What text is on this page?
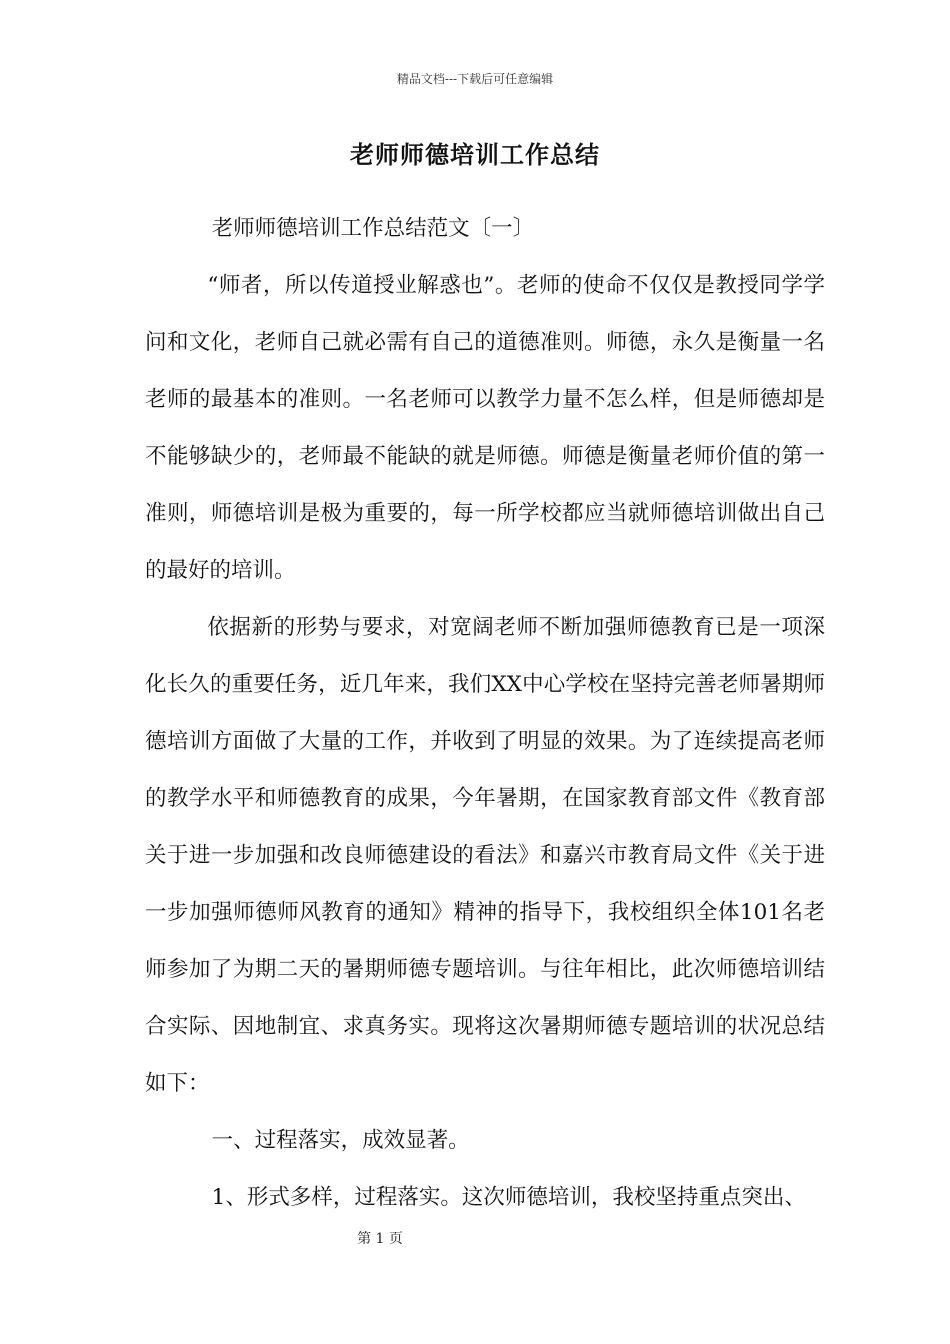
精品文档---下载后可任意编辑
老师师德培训工作总结

老师师德培训工作总结范文〔一〕

“师者，所以传道授业解惑也”。老师的使命不仅仅是教授同学学问和文化，老师自己就必需有自己的道德准则。师德，永久是衡量一名老师的最基本的准则。一名老师可以教学力量不怎么样，但是师德却是不能够缺少的，老师最不能缺的就是师德。师德是衡量老师价值的第一准则，师德培训是极为重要的，每一所学校都应当就师德培训做出自己的最好的培训。

依据新的形势与要求，对宽阔老师不断加强师德教育已是一项深化长久的重要任务，近几年来，我们XX中心学校在坚持完善老师暑期师德培训方面做了大量的工作，并收到了明显的效果。为了连续提高老师的教学水平和师德教育的成果，今年暑期，在国家教育部文件《教育部关于进一步加强和改良师德建设的看法》和嘉兴市教育局文件《关于进一步加强师德师风教育的通知》精神的指导下，我校组织全体101名老师参加了为期二天的暑期师德专题培训。与往年相比，此次师德培训结合实际、因地制宜、求真务实。现将这次暑期师德专题培训的状况总结如下：

一、过程落实，成效显著。

1、形式多样，过程落实。这次师德培训，我校坚持重点突出、

第 1 页
